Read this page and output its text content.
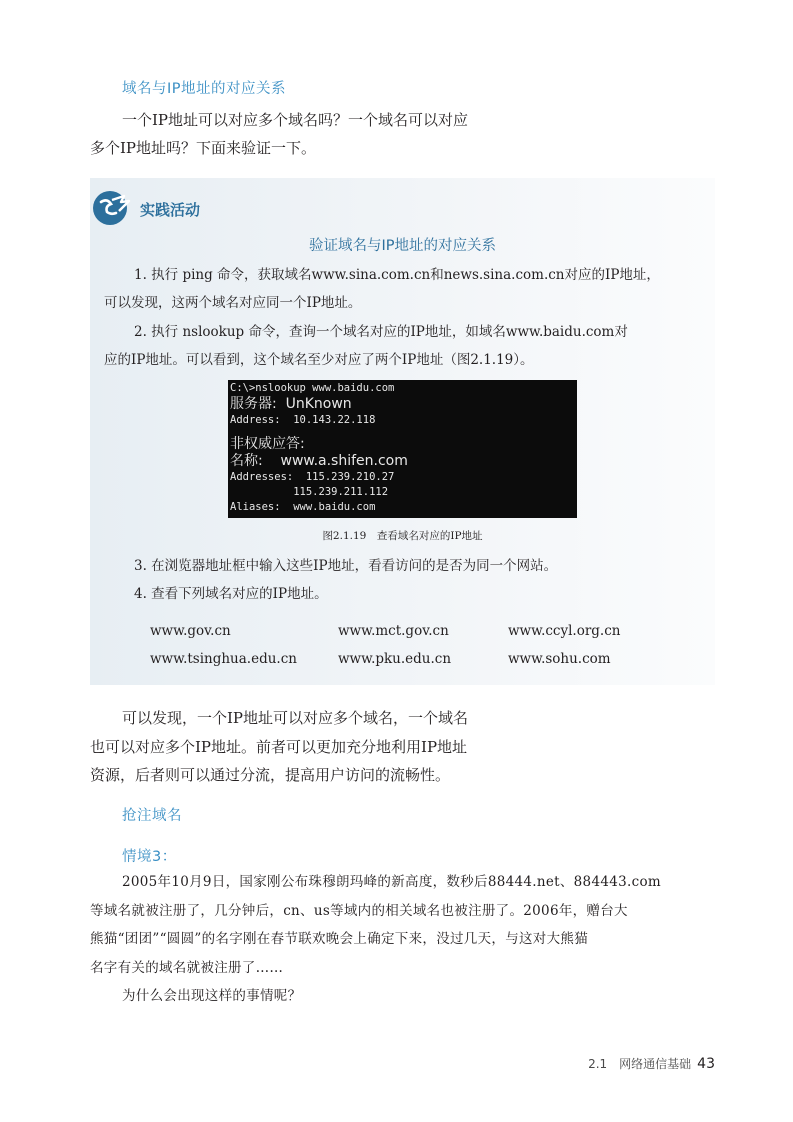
域名与IP地址的对应关系
一个IP地址可以对应多个域名吗？一个域名可以对应
多个IP地址吗？下面来验证一下。
实践活动
验证域名与IP地址的对应关系
1. 执行 ping 命令，获取域名www.sina.com.cn和news.sina.com.cn对应的IP地址，
可以发现，这两个域名对应同一个IP地址。
2. 执行 nslookup 命令，查询一个域名对应的IP地址，如域名www.baidu.com对
应的IP地址。可以看到，这个域名至少对应了两个IP地址（图2.1.19）。
C:\>nslookup www.baidu.com
服务器:  UnKnown
Address:  10.143.22.118
非权威应答:
名称:    www.a.shifen.com
Addresses:  115.239.210.27
115.239.211.112
Aliases:  www.baidu.com
图2.1.19　查看域名对应的IP地址
3. 在浏览器地址框中输入这些IP地址，看看访问的是否为同一个网站。
4. 查看下列域名对应的IP地址。
www.gov.cn	www.mct.gov.cn	www.ccyl.org.cn
www.tsinghua.edu.cn	www.pku.edu.cn	www.sohu.com
可以发现，一个IP地址可以对应多个域名，一个域名
也可以对应多个IP地址。前者可以更加充分地利用IP地址
资源，后者则可以通过分流，提高用户访问的流畅性。
抢注域名
情境3：
2005年10月9日，国家刚公布珠穆朗玛峰的新高度，数秒后88444.net、884443.com
等域名就被注册了，几分钟后，cn、us等域内的相关域名也被注册了。2006年，赠台大
熊猫“团团”“圆圆”的名字刚在春节联欢晚会上确定下来，没过几天，与这对大熊猫
名字有关的域名就被注册了……
为什么会出现这样的事情呢？
2.1　网络通信基础 43
